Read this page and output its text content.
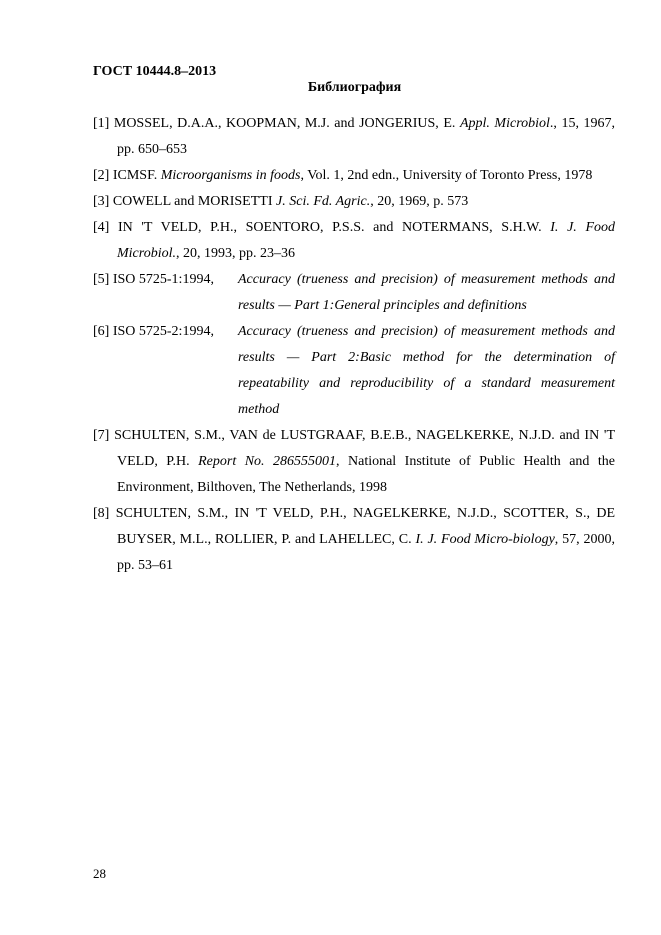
ГОСТ 10444.8–2013
Библиография
[1] MOSSEL, D.A.A., KOOPMAN, M.J. and JONGERIUS, E. Appl. Microbiol., 15, 1967, pp. 650–653
[2] ICMSF. Microorganisms in foods, Vol. 1, 2nd edn., University of Toronto Press, 1978
[3] COWELL and MORISETTI J. Sci. Fd. Agric., 20, 1969, p. 573
[4] IN 'T VELD, P.H., SOENTORO, P.S.S. and NOTERMANS, S.H.W. I. J. Food Microbiol., 20, 1993, pp. 23–36
[5] ISO 5725-1:1994,	Accuracy (trueness and precision) of measurement methods and results — Part 1:General principles and definitions
[6] ISO 5725-2:1994,	Accuracy (trueness and precision) of measurement methods and results — Part 2:Basic method for the determination of repeatability and reproducibility of a standard measurement method
[7] SCHULTEN, S.M., VAN de LUSTGRAAF, B.E.B., NAGELKERKE, N.J.D. and IN 'T VELD, P.H. Report No. 286555001, National Institute of Public Health and the Environment, Bilthoven, The Netherlands, 1998
[8] SCHULTEN, S.M., IN 'T VELD, P.H., NAGELKERKE, N.J.D., SCOTTER, S., DE BUYSER, M.L., ROLLIER, P. and LAHELLEC, C. I. J. Food Micro-biology, 57, 2000, pp. 53–61
28
